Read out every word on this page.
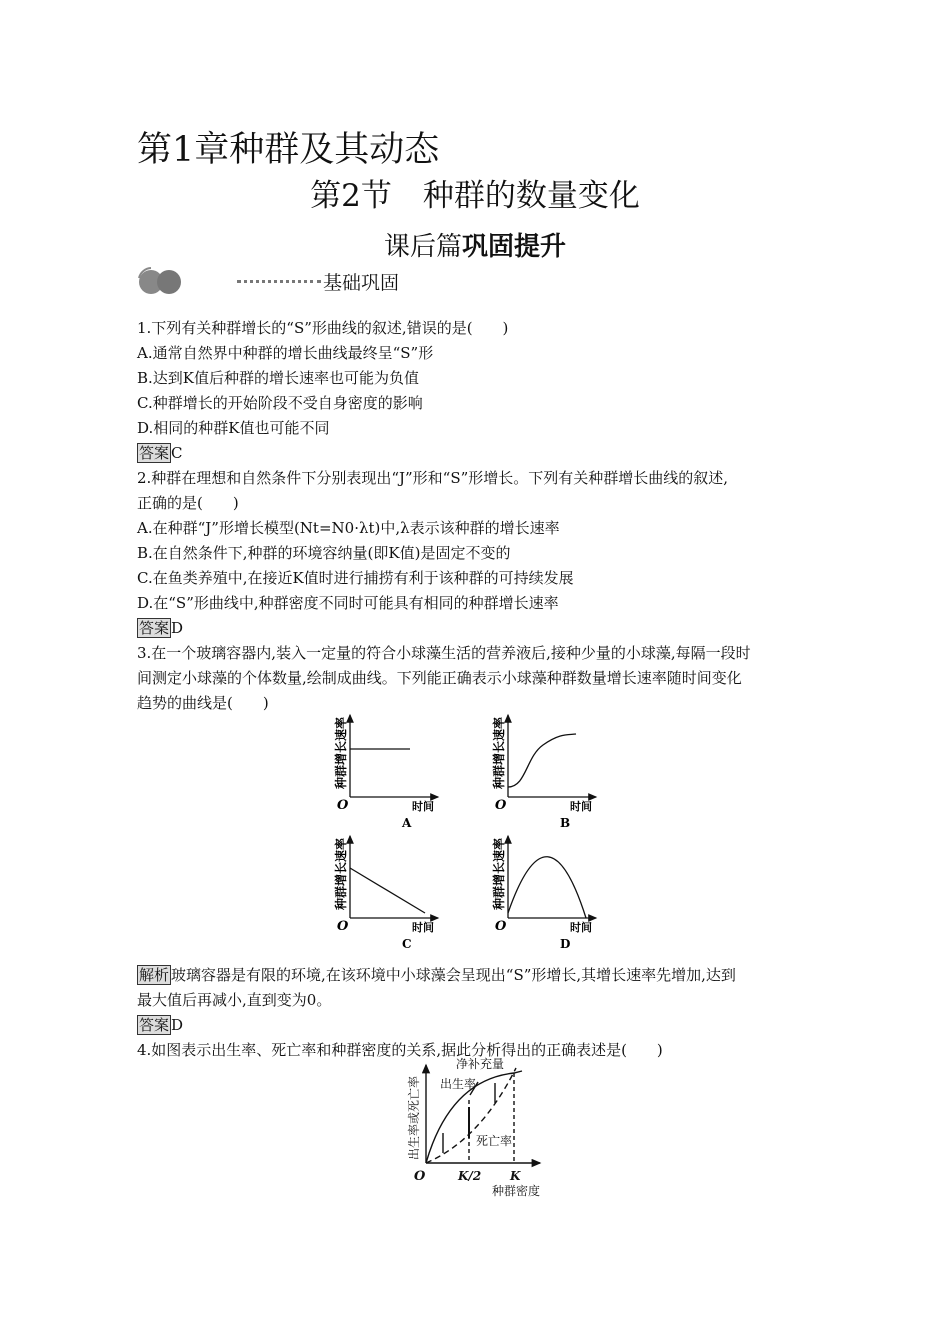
第1章种群及其动态
第2节　种群的数量变化
课后篇巩固提升
基础巩固

1.下列有关种群增长的“S”形曲线的叙述,错误的是(　　)

A.通常自然界中种群的增长曲线最终呈“S”形

B.达到K值后种群的增长速率也可能为负值

C.种群增长的开始阶段不受自身密度的影响

D.相同的种群K值也可能不同

答案 C

2.种群在理想和自然条件下分别表现出“J”形和“S”形增长。下列有关种群增长曲线的叙述,

正确的是(　　)

A.在种群“J”形增长模型(Nt=N0·λt)中,λ表示该种群的增长速率

B.在自然条件下,种群的环境容纳量(即K值)是固定不变的

C.在鱼类养殖中,在接近K值时进行捕捞有利于该种群的可持续发展

D.在“S”形曲线中,种群密度不同时可能具有相同的种群增长速率

答案 D

3.在一个玻璃容器内,装入一定量的符合小球藻生活的营养液后,接种少量的小球藻,每隔一段时

间测定小球藻的个体数量,绘制成曲线。下列能正确表示小球藻种群数量增长速率随时间变化

趋势的曲线是(　　)

种群增长速率
O	时间
A
种群增长速率
O	时间
B
种群增长速率
O	时间
C
种群增长速率
O	时间
D
出生率或死亡率
O	K/2 K
种群密度
出生率
死亡率
净补充量

解析 玻璃容器是有限的环境,在该环境中小球藻会呈现出“S”形增长,其增长速率先增加,达到

最大值后再减小,直到变为0。

答案 D

4.如图表示出生率、死亡率和种群密度的关系,据此分析得出的正确表述是(　　)
